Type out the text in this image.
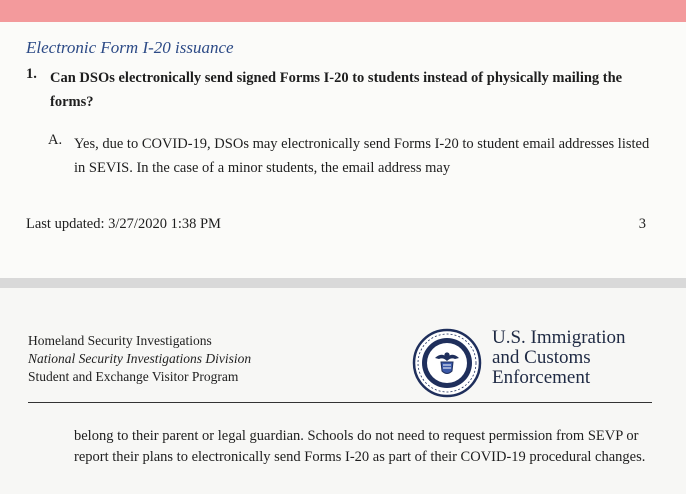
Electronic Form I-20 issuance
1. Can DSOs electronically send signed Forms I-20 to students instead of physically mailing the forms?
A. Yes, due to COVID-19, DSOs may electronically send Forms I-20 to student email addresses listed in SEVIS. In the case of a minor students, the email address may
Last updated: 3/27/2020 1:38 PM	3
Homeland Security Investigations
National Security Investigations Division
Student and Exchange Visitor Program
U.S. Immigration
and Customs
Enforcement
belong to their parent or legal guardian. Schools do not need to request permission from SEVP or report their plans to electronically send Forms I-20 as part of their COVID-19 procedural changes.
